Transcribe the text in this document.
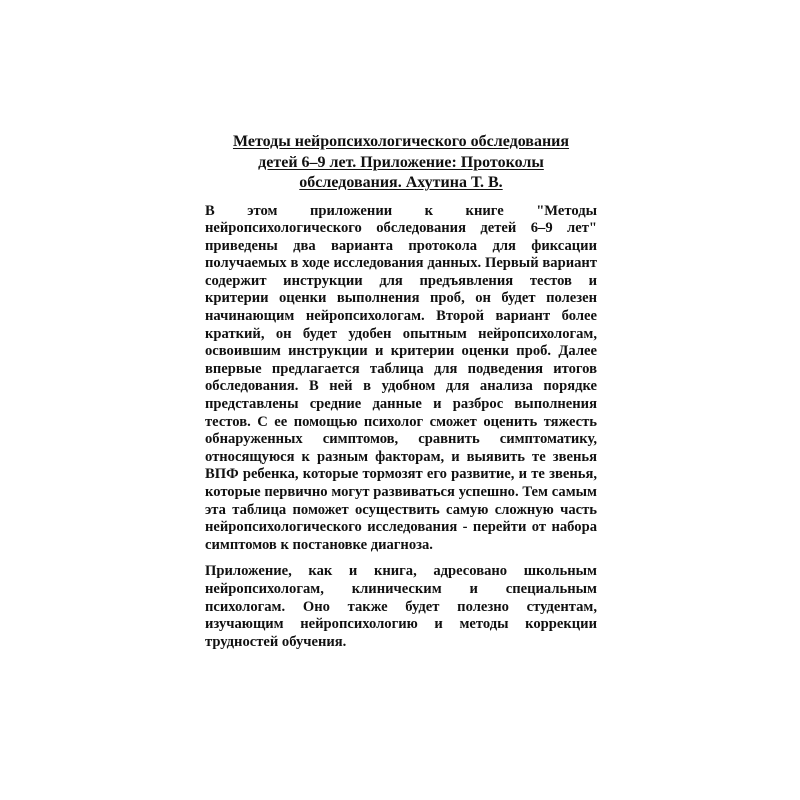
Методы нейропсихологического обследования
детей 6–9 лет. Приложение: Протоколы
обследования. Ахутина Т. В.

В этом приложении к книге "Методы нейропсихологического обследования детей 6–9 лет" приведены два варианта протокола для фиксации получаемых в ходе исследования данных. Первый вариант содержит инструкции для предъявления тестов и критерии оценки выполнения проб, он будет полезен начинающим нейропсихологам. Второй вариант более краткий, он будет удобен опытным нейропсихологам, освоившим инструкции и критерии оценки проб. Далее впервые предлагается таблица для подведения итогов обследования. В ней в удобном для анализа порядке представлены средние данные и разброс выполнения тестов. С ее помощью психолог сможет оценить тяжесть обнаруженных симптомов, сравнить симптоматику, относящуюся к разным факторам, и выявить те звенья ВПФ ребенка, которые тормозят его развитие, и те звенья, которые первично могут развиваться успешно. Тем самым эта таблица поможет осуществить самую сложную часть нейропсихологического исследования - перейти от набора симптомов к постановке диагноза.

Приложение, как и книга, адресовано школьным нейропсихологам, клиническим и специальным психологам. Оно также будет полезно студентам, изучающим нейропсихологию и методы коррекции трудностей обучения.
